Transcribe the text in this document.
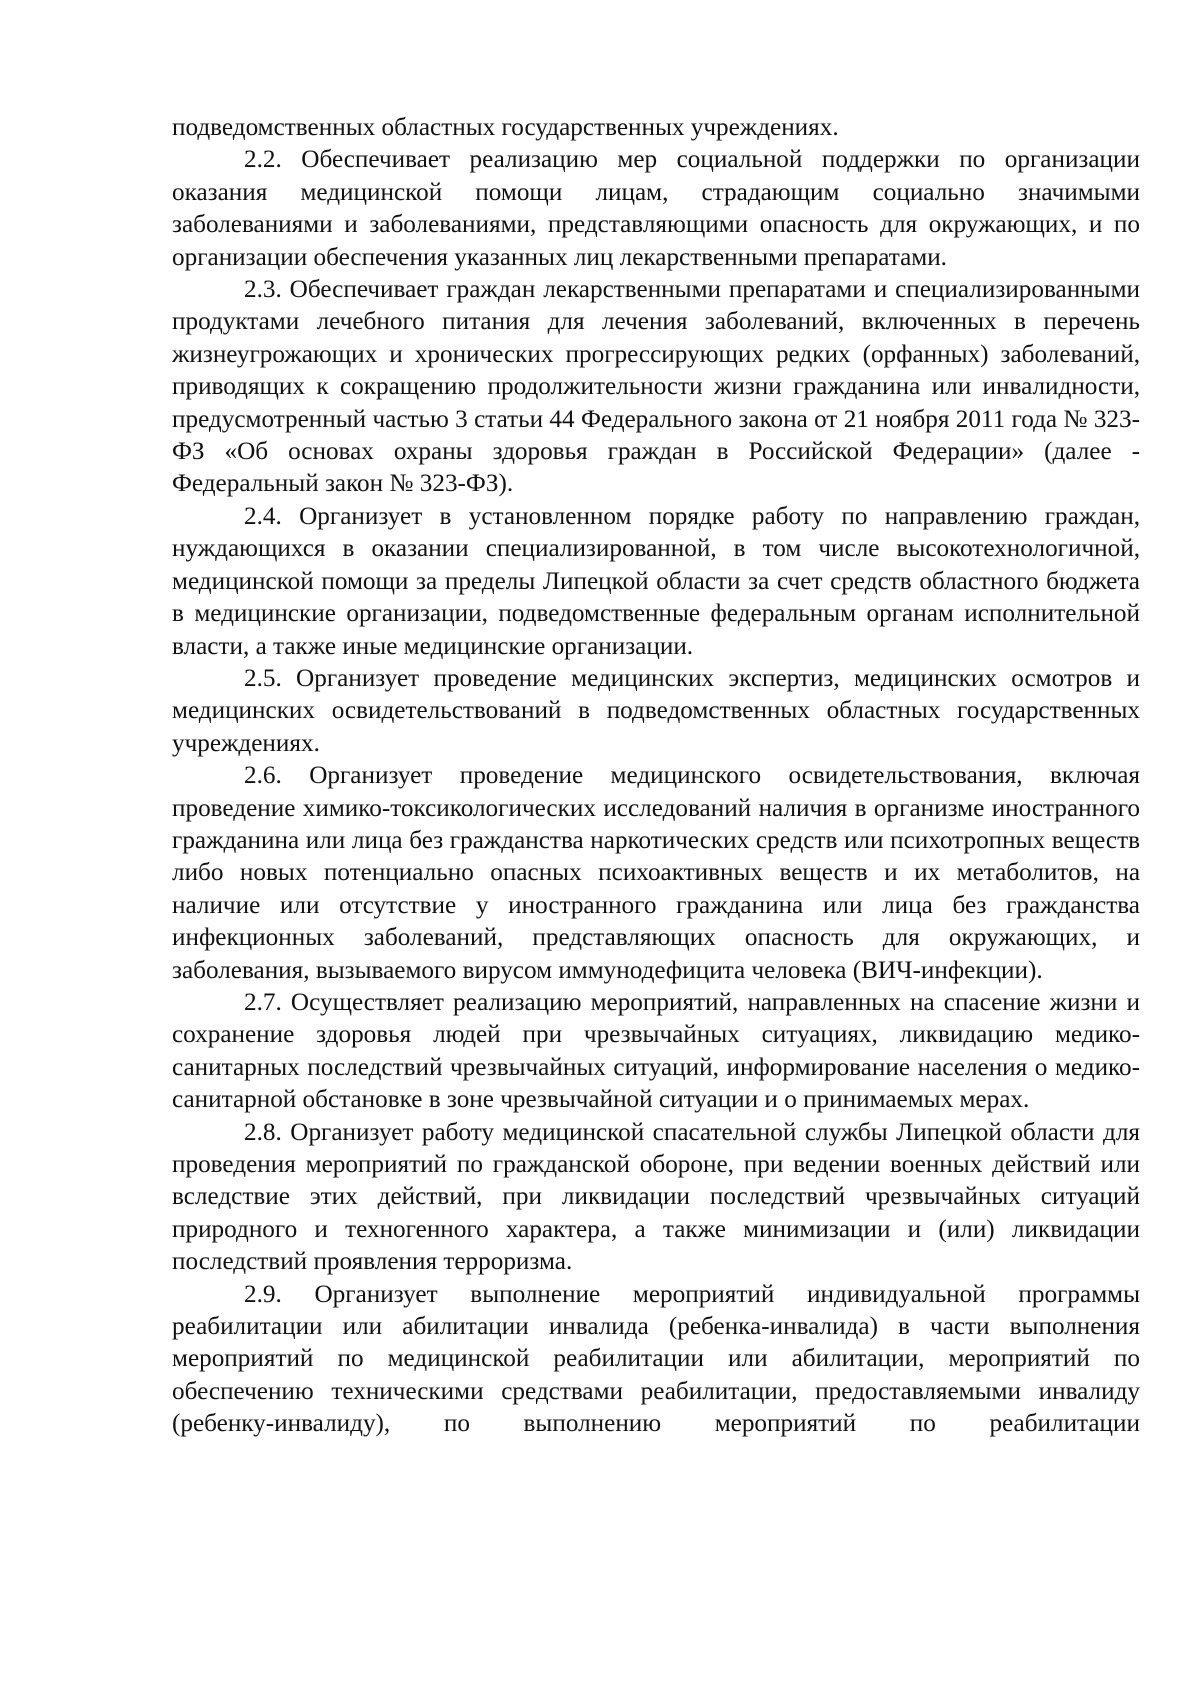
подведомственных областных государственных учреждениях.

2.2. Обеспечивает реализацию мер социальной поддержки по организации оказания медицинской помощи лицам, страдающим социально значимыми заболеваниями и заболеваниями, представляющими опасность для окружающих, и по организации обеспечения указанных лиц лекарственными препаратами.

2.3. Обеспечивает граждан лекарственными препаратами и специализированными продуктами лечебного питания для лечения заболеваний, включенных в перечень жизнеугрожающих и хронических прогрессирующих редких (орфанных) заболеваний, приводящих к сокращению продолжительности жизни гражданина или инвалидности, предусмотренный частью 3 статьи 44 Федерального закона от 21 ноября 2011 года № 323-ФЗ «Об основах охраны здоровья граждан в Российской Федерации» (далее - Федеральный закон № 323-ФЗ).

2.4. Организует в установленном порядке работу по направлению граждан, нуждающихся в оказании специализированной, в том числе высокотехнологичной, медицинской помощи за пределы Липецкой области за счет средств областного бюджета в медицинские организации, подведомственные федеральным органам исполнительной власти, а также иные медицинские организации.

2.5. Организует проведение медицинских экспертиз, медицинских осмотров и медицинских освидетельствований в подведомственных областных государственных учреждениях.

2.6. Организует проведение медицинского освидетельствования, включая проведение химико-токсикологических исследований наличия в организме иностранного гражданина или лица без гражданства наркотических средств или психотропных веществ либо новых потенциально опасных психоактивных веществ и их метаболитов, на наличие или отсутствие у иностранного гражданина или лица без гражданства инфекционных заболеваний, представляющих опасность для окружающих, и заболевания, вызываемого вирусом иммунодефицита человека (ВИЧ-инфекции).

2.7. Осуществляет реализацию мероприятий, направленных на спасение жизни и сохранение здоровья людей при чрезвычайных ситуациях, ликвидацию медико-санитарных последствий чрезвычайных ситуаций, информирование населения о медико-санитарной обстановке в зоне чрезвычайной ситуации и о принимаемых мерах.

2.8. Организует работу медицинской спасательной службы Липецкой области для проведения мероприятий по гражданской обороне, при ведении военных действий или вследствие этих действий, при ликвидации последствий чрезвычайных ситуаций природного и техногенного характера, а также минимизации и (или) ликвидации последствий проявления терроризма.

2.9. Организует выполнение мероприятий индивидуальной программы реабилитации или абилитации инвалида (ребенка-инвалида) в части выполнения мероприятий по медицинской реабилитации или абилитации, мероприятий по обеспечению техническими средствами реабилитации, предоставляемыми инвалиду (ребенку-инвалиду), по выполнению мероприятий по реабилитации
